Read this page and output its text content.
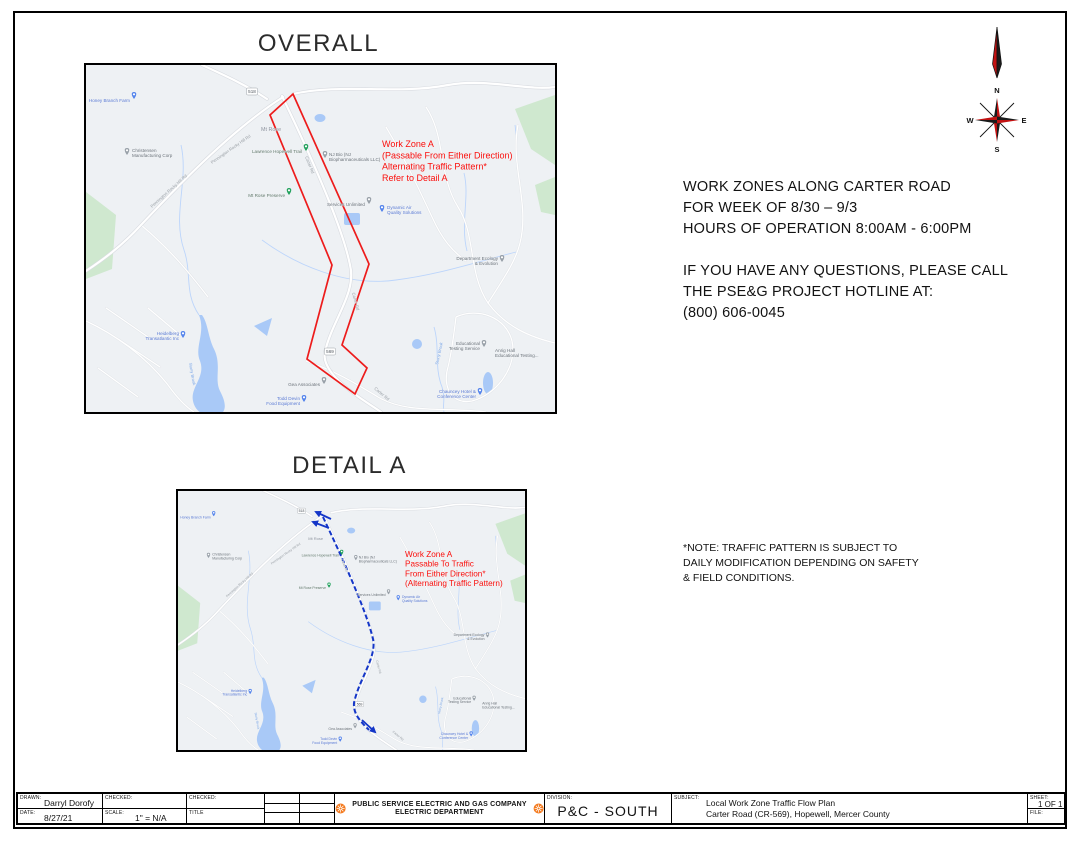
OVERALL
Honey Branch Farm
Christensen
Manufacturing Corp
Mt Rose
Lawrence Hopewell Trail
NJ Bio (NJ
Biopharmaceuticals LLC)
Mt Rose Preserve
Services Unlimited
Dynamic Air
Quality Solutions
Heidelberg
Transatlantic Inc
Gea Associates
Todd Devin
Food Equipment
Educational
Testing Service
Chauncey Hotel &
Conference Center
Department Ecology
& Evolution
Anrig Hall
Educational Testing...
Pennington Rocky Hill Rd
Pennington Rocky Hill Rd
Carter Rd
Carter Rd
Carter Rd
Stony Brook
Stony Brook
518
569
Work Zone A
(Passable From Either Direction)
Alternating Traffic Pattern*
Refer to Detail A
N
W	E
S
WORK ZONES ALONG CARTER ROAD
FOR WEEK OF 8/30 – 9/3
HOURS OF OPERATION 8:00AM - 6:00PM

IF YOU HAVE ANY QUESTIONS, PLEASE CALL
THE PSE&G PROJECT HOTLINE AT:
(800) 606-0045
DETAIL A
Honey Branch Farm
Christensen
Manufacturing Corp
Mt Rose
Lawrence Hopewell Trail
NJ Bio (NJ
Biopharmaceuticals LLC)
Mt Rose Preserve
Services Unlimited
Dynamic Air
Quality Solutions
Heidelberg
Transatlantic Inc
Gea Associates
Todd Devin
Food Equipment
Educational
Testing Service
Chauncey Hotel &
Conference Center
Department Ecology
& Evolution
Anrig Hall
Educational Testing...
Pennington Rocky Hill Rd
Pennington Rocky Hill Rd	Carter Rd
Carter Rd
Carter Rd
Stony Brook
Stony Brook
518
569
Work Zone A
Passable To Traffic
From Either Direction*
(Alternating Traffic Pattern)
*NOTE: TRAFFIC PATTERN IS SUBJECT TO
DAILY MODIFICATION DEPENDING ON SAFETY
& FIELD CONDITIONS.
DRAWN: Darryl Dorofy
DATE: 8/27/21
CHECKED:
SCALE: 1" = N/A
CHECKED:
TITLE
PUBLIC SERVICE ELECTRIC AND GAS COMPANY
ELECTRIC DEPARTMENT
DIVISION:
P&C - SOUTH
SUBJECT: Local Work Zone Traffic Flow Plan
Carter Road (CR-569), Hopewell, Mercer County
SHEET:
1 OF 1
FILE:
